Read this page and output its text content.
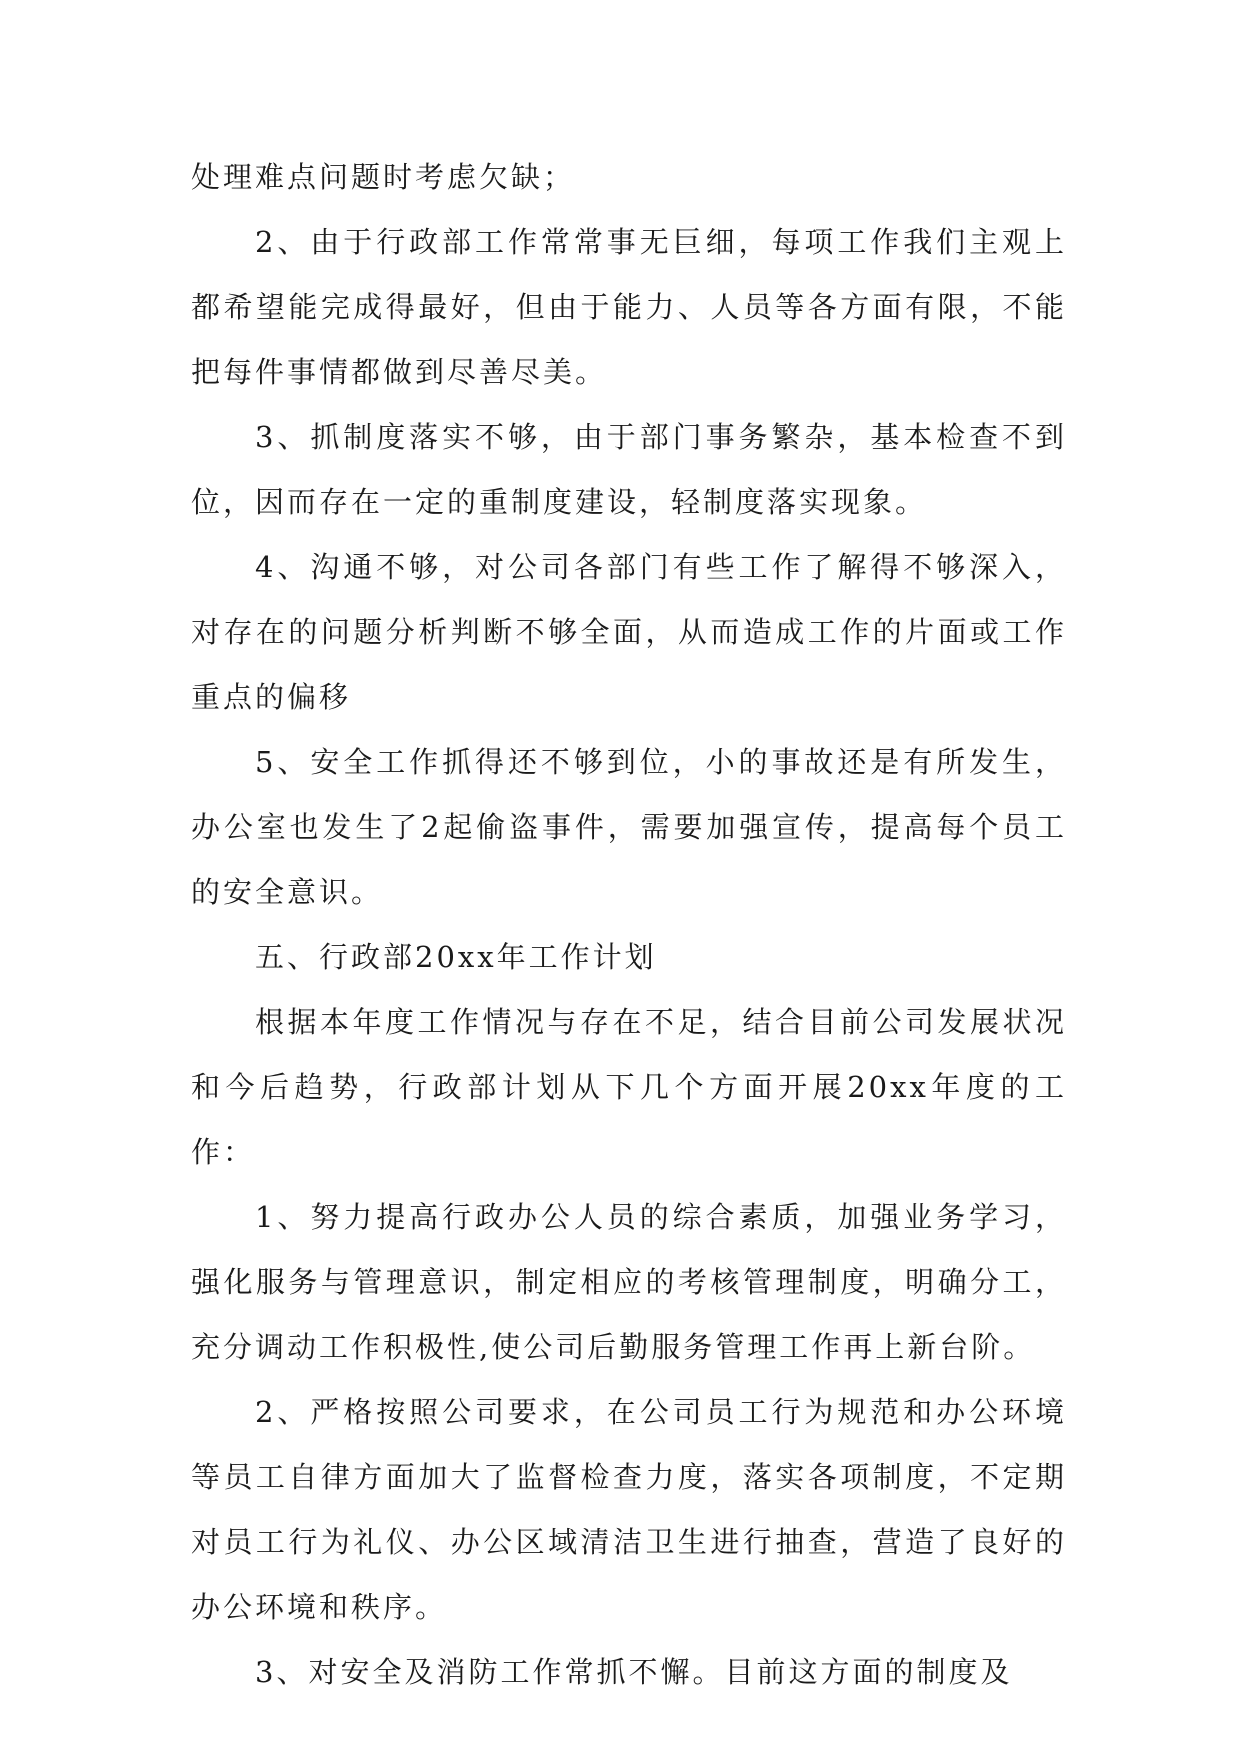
处理难点问题时考虑欠缺；

2、由于行政部工作常常事无巨细，每项工作我们主观上都希望能完成得最好，但由于能力、人员等各方面有限，不能把每件事情都做到尽善尽美。

3、抓制度落实不够，由于部门事务繁杂，基本检查不到位，因而存在一定的重制度建设，轻制度落实现象。

4、沟通不够，对公司各部门有些工作了解得不够深入，对存在的问题分析判断不够全面，从而造成工作的片面或工作重点的偏移

5、安全工作抓得还不够到位，小的事故还是有所发生，办公室也发生了2起偷盗事件，需要加强宣传，提高每个员工的安全意识。

五、行政部20xx年工作计划

根据本年度工作情况与存在不足，结合目前公司发展状况和今后趋势，行政部计划从下几个方面开展20xx年度的工作：

1、努力提高行政办公人员的综合素质，加强业务学习，强化服务与管理意识，制定相应的考核管理制度，明确分工，充分调动工作积极性,使公司后勤服务管理工作再上新台阶。

2、严格按照公司要求，在公司员工行为规范和办公环境等员工自律方面加大了监督检查力度，落实各项制度，不定期对员工行为礼仪、办公区域清洁卫生进行抽查，营造了良好的办公环境和秩序。

3、对安全及消防工作常抓不懈。目前这方面的制度及
